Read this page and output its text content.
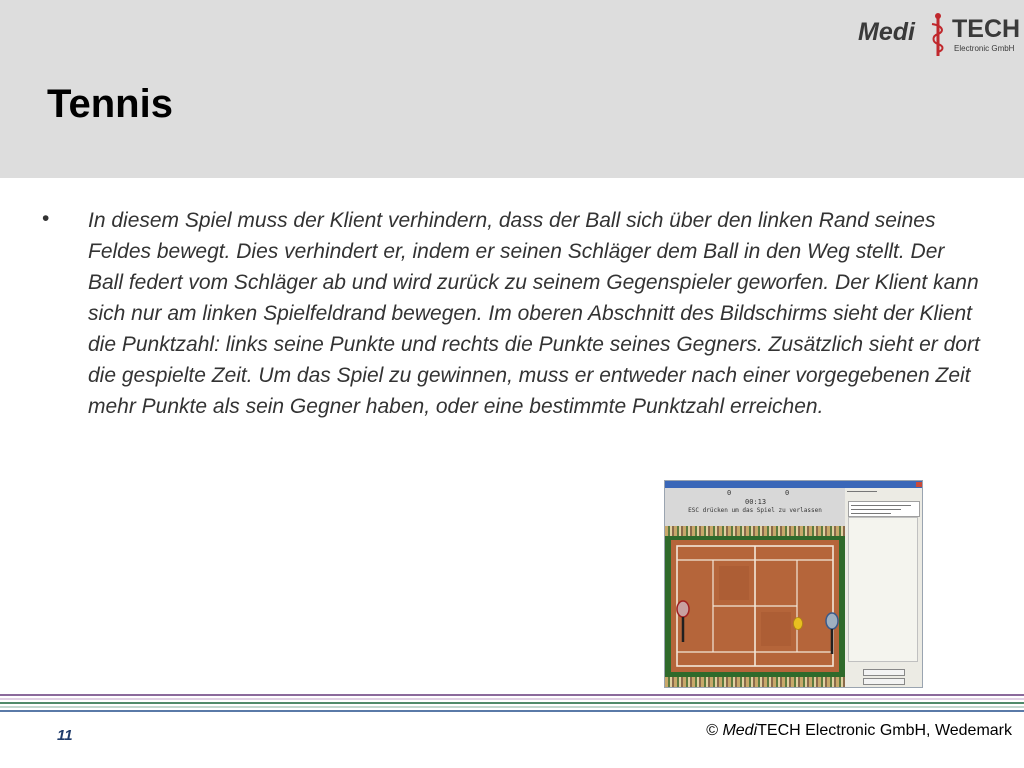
Tennis
Medi TECH
Electronic GmbH
• In diesem Spiel muss der Klient verhindern, dass der Ball sich über den linken Rand seines Feldes bewegt. Dies verhindert er, indem er seinen Schläger dem Ball in den Weg stellt. Der Ball federt vom Schläger ab und wird zurück zu seinem Gegenspieler geworfen. Der Klient kann sich nur am linken Spielfeldrand bewegen. Im oberen Abschnitt des Bildschirms sieht der Klient die Punktzahl: links seine Punkte und rechts die Punkte seines Gegners. Zusätzlich sieht er dort die gespielte Zeit. Um das Spiel zu gewinnen, muss er entweder nach einer vorgegebenen Zeit mehr Punkte als sein Gegner haben, oder eine bestimmte Punktzahl erreichen.

0	0
00:13
ESC drücken um das Spiel zu verlassen
11	© MediTECH Electronic GmbH, Wedemark
